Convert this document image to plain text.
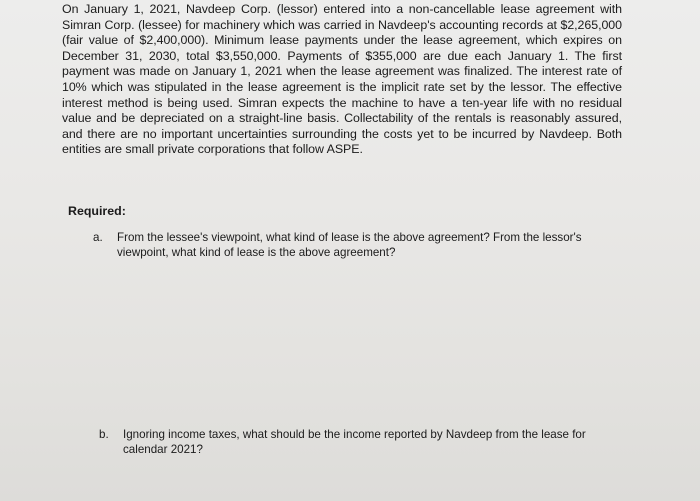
On January 1, 2021, Navdeep Corp. (lessor) entered into a non-cancellable lease agreement with Simran Corp. (lessee) for machinery which was carried in Navdeep's accounting records at $2,265,000 (fair value of $2,400,000). Minimum lease payments under the lease agreement, which expires on December 31, 2030, total $3,550,000. Payments of $355,000 are due each January 1. The first payment was made on January 1, 2021 when the lease agreement was finalized. The interest rate of 10% which was stipulated in the lease agreement is the implicit rate set by the lessor. The effective interest method is being used. Simran expects the machine to have a ten-year life with no residual value and be depreciated on a straight-line basis. Collectability of the rentals is reasonably assured, and there are no important uncertainties surrounding the costs yet to be incurred by Navdeep. Both entities are small private corporations that follow ASPE.

Required:

a. From the lessee's viewpoint, what kind of lease is the above agreement? From the lessor's viewpoint, what kind of lease is the above agreement?
b. Ignoring income taxes, what should be the income reported by Navdeep from the lease for calendar 2021?
